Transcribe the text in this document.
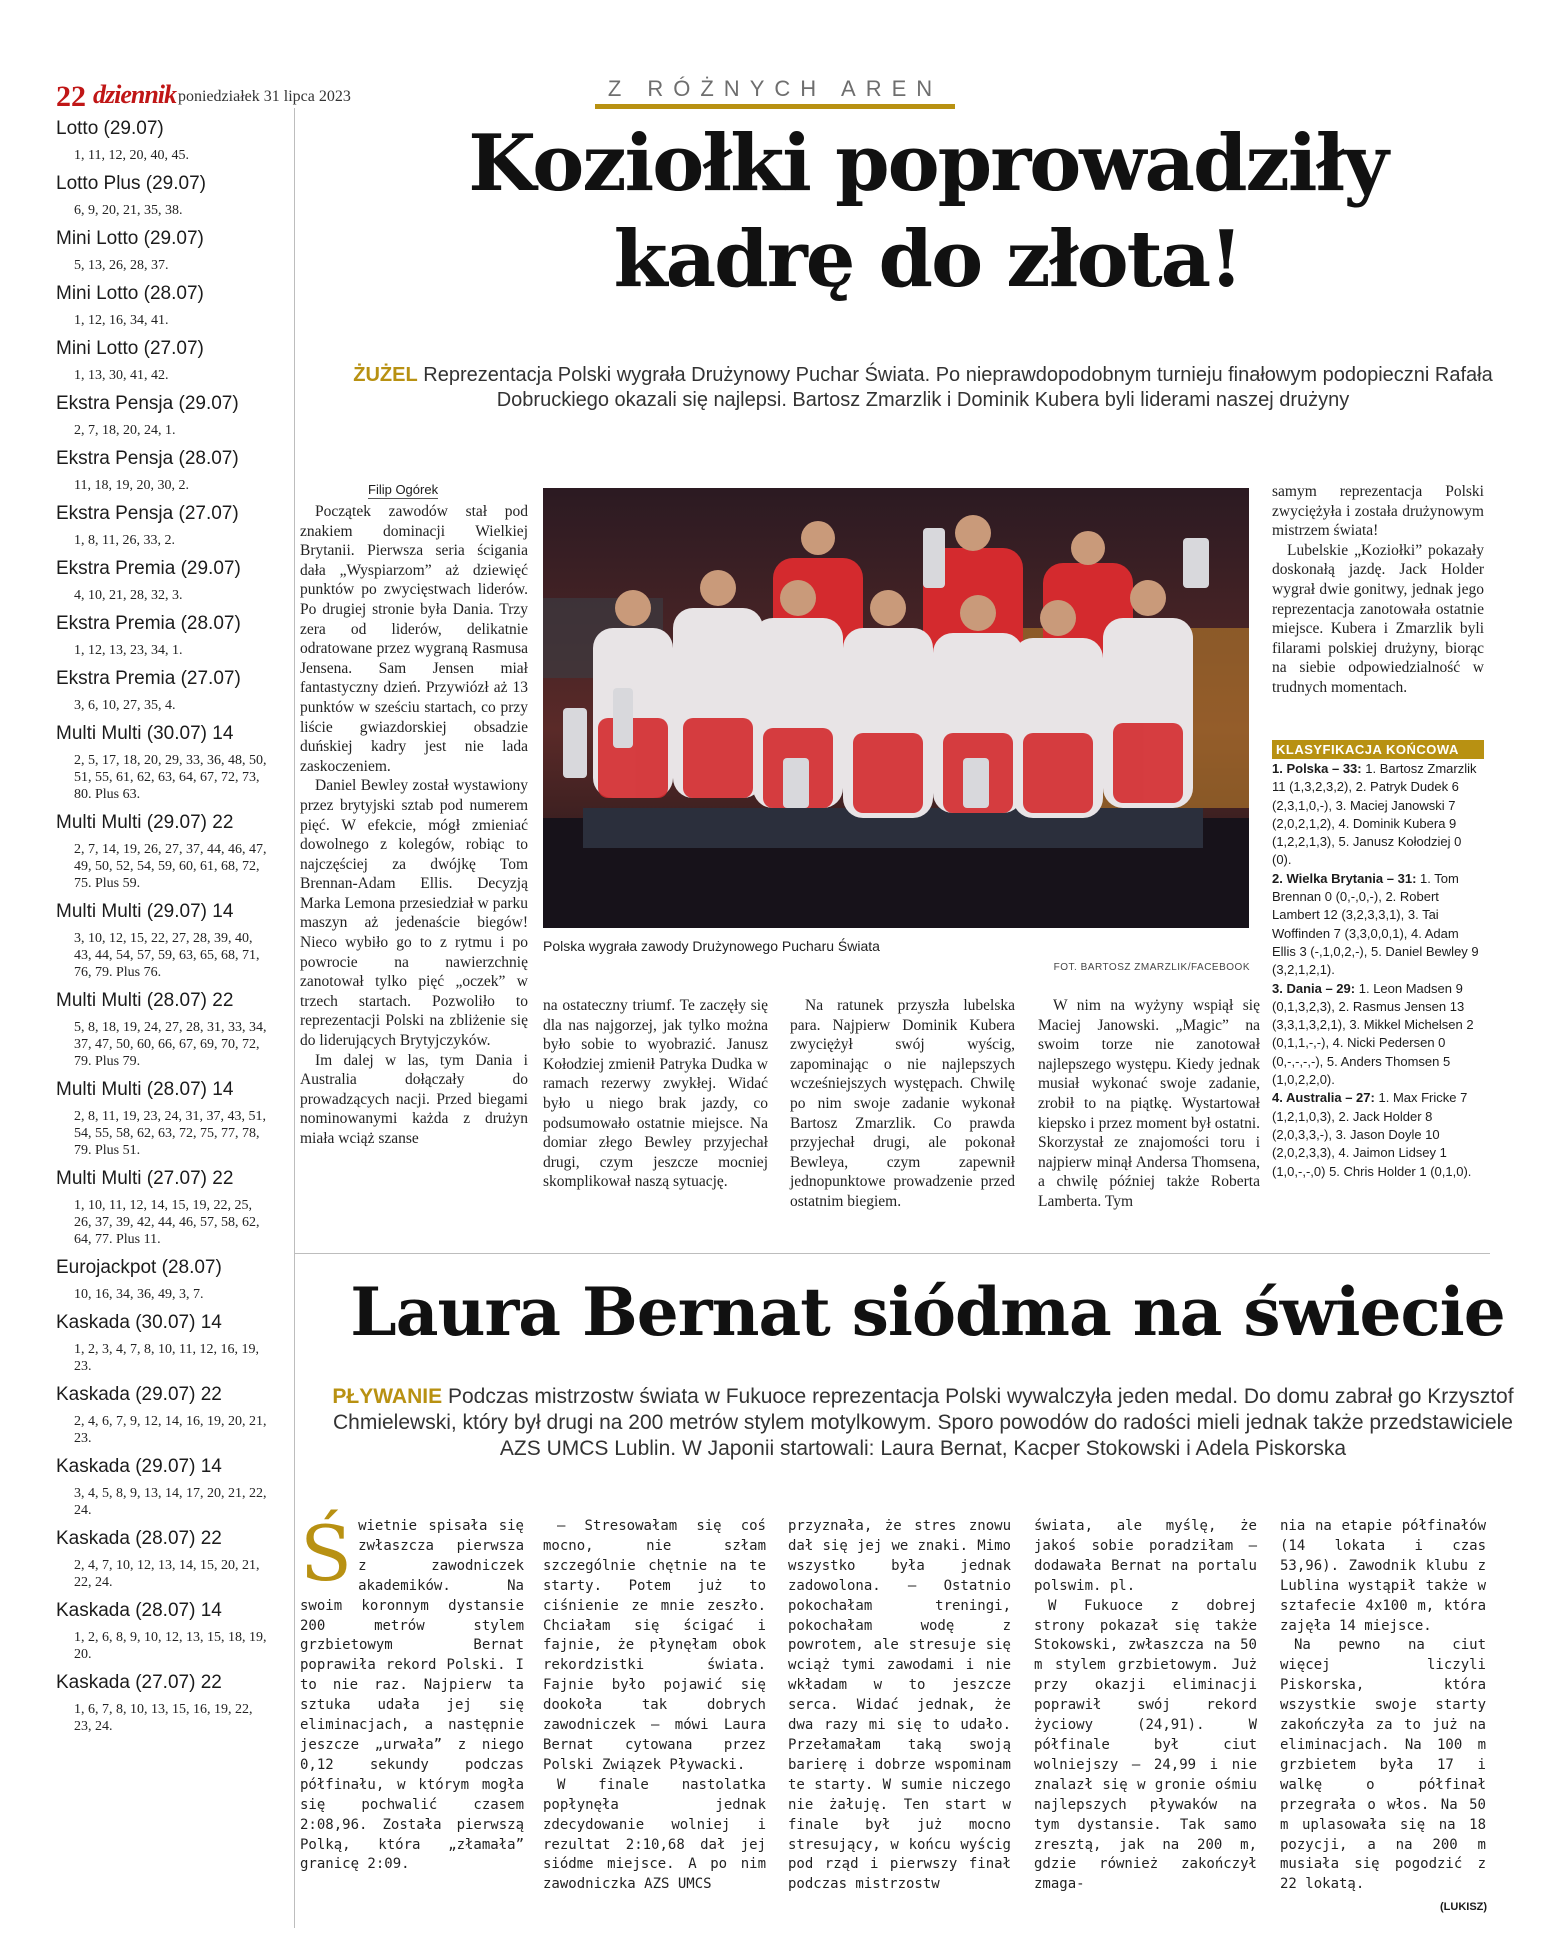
22 dziennik poniedziałek 31 lipca 2023	Z RÓŻNYCH AREN
Lotto (29.07)
1, 11, 12, 20, 40, 45.
Lotto Plus (29.07)
6, 9, 20, 21, 35, 38.
Mini Lotto (29.07)
5, 13, 26, 28, 37.
Mini Lotto (28.07)
1, 12, 16, 34, 41.
Mini Lotto (27.07)
1, 13, 30, 41, 42.
Ekstra Pensja (29.07)
2, 7, 18, 20, 24, 1.
Ekstra Pensja (28.07)
11, 18, 19, 20, 30, 2.
Ekstra Pensja (27.07)
1, 8, 11, 26, 33, 2.
Ekstra Premia (29.07)
4, 10, 21, 28, 32, 3.
Ekstra Premia (28.07)
1, 12, 13, 23, 34, 1.
Ekstra Premia (27.07)
3, 6, 10, 27, 35, 4.
Multi Multi (30.07) 14
2, 5, 17, 18, 20, 29, 33, 36, 48, 50, 51, 55, 61, 62, 63, 64, 67, 72, 73, 80. Plus 63.
Multi Multi (29.07) 22
2, 7, 14, 19, 26, 27, 37, 44, 46, 47, 49, 50, 52, 54, 59, 60, 61, 68, 72, 75. Plus 59.
Multi Multi (29.07) 14
3, 10, 12, 15, 22, 27, 28, 39, 40, 43, 44, 54, 57, 59, 63, 65, 68, 71, 76, 79. Plus 76.
Multi Multi (28.07) 22
5, 8, 18, 19, 24, 27, 28, 31, 33, 34, 37, 47, 50, 60, 66, 67, 69, 70, 72, 79. Plus 79.
Multi Multi (28.07) 14
2, 8, 11, 19, 23, 24, 31, 37, 43, 51, 54, 55, 58, 62, 63, 72, 75, 77, 78, 79. Plus 51.
Multi Multi (27.07) 22
1, 10, 11, 12, 14, 15, 19, 22, 25, 26, 37, 39, 42, 44, 46, 57, 58, 62, 64, 77. Plus 11.
Eurojackpot (28.07)
10, 16, 34, 36, 49, 3, 7.
Kaskada (30.07) 14
1, 2, 3, 4, 7, 8, 10, 11, 12, 16, 19, 23.
Kaskada (29.07) 22
2, 4, 6, 7, 9, 12, 14, 16, 19, 20, 21, 23.
Kaskada (29.07) 14
3, 4, 5, 8, 9, 13, 14, 17, 20, 21, 22, 24.
Kaskada (28.07) 22
2, 4, 7, 10, 12, 13, 14, 15, 20, 21, 22, 24.
Kaskada (28.07) 14
1, 2, 6, 8, 9, 10, 12, 13, 15, 18, 19, 20.
Kaskada (27.07) 22
1, 6, 7, 8, 10, 13, 15, 16, 19, 22, 23, 24.
Koziołki poprowadziły
kadrę do złota!
ŻUŻEL Reprezentacja Polski wygrała Drużynowy Puchar Świata. Po nieprawdopodobnym turnieju finałowym podopieczni Rafała Dobruckiego okazali się najlepsi. Bartosz Zmarzlik i Dominik Kubera byli liderami naszej drużyny
Filip Ogórek

Początek zawodów stał pod znakiem dominacji Wielkiej Brytanii. Pierwsza seria ścigania dała „Wyspiarzom” aż dziewięć punktów po zwycięstwach liderów. Po drugiej stronie była Dania. Trzy zera od liderów, delikatnie odratowane przez wygraną Rasmusa Jensena. Sam Jensen miał fantastyczny dzień. Przywiózł aż 13 punktów w sześciu startach, co przy liście gwiazdorskiej obsadzie duńskiej kadry jest nie lada zaskoczeniem.

Daniel Bewley został wystawiony przez brytyjski sztab pod numerem pięć. W efekcie, mógł zmieniać dowolnego z kolegów, robiąc to najczęściej za dwójkę Tom Brennan-Adam Ellis. Decyzją Marka Lemona przesiedział w parku maszyn aż jedenaście biegów! Nieco wybiło go to z rytmu i po powrocie na nawierzchnię zanotował tylko pięć „oczek” w trzech startach. Pozwoliło to reprezentacji Polski na zbliżenie się do liderujących Brytyjczyków.

Im dalej w las, tym Dania i Australia dołączały do prowadzących nacji. Przed biegami nominowanymi każda z drużyn miała wciąż szanse

Polska wygrała zawody Drużynowego Pucharu Świata
FOT. BARTOSZ ZMARZLIK/FACEBOOK

na ostateczny triumf. Te zaczęły się dla nas najgorzej, jak tylko można było sobie to wyobrazić. Janusz Kołodziej zmienił Patryka Dudka w ramach rezerwy zwykłej. Widać było u niego brak jazdy, co podsumowało ostatnie miejsce. Na domiar złego Bewley przyjechał drugi, czym jeszcze mocniej skomplikował naszą sytuację.

Na ratunek przyszła lubelska para. Najpierw Dominik Kubera zwyciężył swój wyścig, zapominając o nie najlepszych wcześniejszych występach. Chwilę po nim swoje zadanie wykonał Bartosz Zmarzlik. Co prawda przyjechał drugi, ale pokonał Bewleya, czym zapewnił jednopunktowe prowadzenie przed ostatnim biegiem.

W nim na wyżyny wspiął się Maciej Janowski. „Magic” na swoim torze nie zanotował najlepszego występu. Kiedy jednak musiał wykonać swoje zadanie, zrobił to na piątkę. Wystartował kiepsko i przez moment był ostatni. Skorzystał ze znajomości toru i najpierw minął Andersa Thomsena, a chwilę później także Roberta Lamberta. Tym

samym reprezentacja Polski zwyciężyła i została drużynowym mistrzem świata!

Lubelskie „Koziołki” pokazały doskonałą jazdę. Jack Holder wygrał dwie gonitwy, jednak jego reprezentacja zanotowała ostatnie miejsce. Kubera i Zmarzlik byli filarami polskiej drużyny, biorąc na siebie odpowiedzialność w trudnych momentach.

KLASYFIKACJA KOŃCOWA
1. Polska – 33: 1. Bartosz Zmarzlik 11 (1,3,2,3,2), 2. Patryk Dudek 6 (2,3,1,0,-), 3. Maciej Janowski 7 (2,0,2,1,2), 4. Dominik Kubera 9 (1,2,2,1,3), 5. Janusz Kołodziej 0 (0).
2. Wielka Brytania – 31: 1. Tom Brennan 0 (0,-,0,-), 2. Robert Lambert 12 (3,2,3,3,1), 3. Tai Woffinden 7 (3,3,0,0,1), 4. Adam Ellis 3 (-,1,0,2,-), 5. Daniel Bewley 9 (3,2,1,2,1).
3. Dania – 29: 1. Leon Madsen 9 (0,1,3,2,3), 2. Rasmus Jensen 13 (3,3,1,3,2,1), 3. Mikkel Michelsen 2 (0,1,1,-,-), 4. Nicki Pedersen 0 (0,-,-,-,-), 5. Anders Thomsen 5 (1,0,2,2,0).
4. Australia – 27: 1. Max Fricke 7 (1,2,1,0,3), 2. Jack Holder 8 (2,0,3,3,-), 3. Jason Doyle 10 (2,0,2,3,3), 4. Jaimon Lidsey 1 (1,0,-,-,0) 5. Chris Holder 1 (0,1,0).
Laura Bernat siódma na świecie
PŁYWANIE Podczas mistrzostw świata w Fukuoce reprezentacja Polski wywalczyła jeden medal. Do domu zabrał go Krzysztof Chmielewski, który był drugi na 200 metrów stylem motylkowym. Sporo powodów do radości mieli jednak także przedstawiciele AZS UMCS Lublin. W Japonii startowali: Laura Bernat, Kacper Stokowski i Adela Piskorska
Świetnie spisała się zwłaszcza pierwsza z zawodniczek akademików. Na swoim koronnym dystansie 200 metrów stylem grzbietowym Bernat poprawiła rekord Polski. I to nie raz. Najpierw ta sztuka udała jej się eliminacjach, a następnie jeszcze „urwała” z niego 0,12 sekundy podczas półfinału, w którym mogła się pochwalić czasem 2:08,96. Została pierwszą Polką, która „złamała” granicę 2:09.

– Stresowałam się coś mocno, nie szłam szczególnie chętnie na te starty. Potem już to ciśnienie ze mnie zeszło. Chciałam się ścigać i fajnie, że płynęłam obok rekordzistki świata. Fajnie było pojawić się dookoła tak dobrych zawodniczek – mówi Laura Bernat cytowana przez Polski Związek Pływacki.

W finale nastolatka popłynęła jednak zdecydowanie wolniej i rezultat 2:10,68 dał jej siódme miejsce. A po nim zawodniczka AZS UMCS

przyznała, że stres znowu dał się jej we znaki. Mimo wszystko była jednak zadowolona. – Ostatnio pokochałam treningi, pokochałam wodę z powrotem, ale stresuje się wciąż tymi zawodami i nie wkładam w to jeszcze serca. Widać jednak, że dwa razy mi się to udało. Przełamałam taką swoją barierę i dobrze wspominam te starty. W sumie niczego nie żałuję. Ten start w finale był już mocno stresujący, w końcu wyścig pod rząd i pierwszy finał podczas mistrzostw

świata, ale myślę, że jakoś sobie poradziłam – dodawała Bernat na portalu polswim. pl.

W Fukuoce z dobrej strony pokazał się także Stokowski, zwłaszcza na 50 m stylem grzbietowym. Już przy okazji eliminacji poprawił swój rekord życiowy (24,91). W półfinale był ciut wolniejszy – 24,99 i nie znalazł się w gronie ośmiu najlepszych pływaków na tym dystansie. Tak samo zresztą, jak na 200 m, gdzie również zakończył zmaga-

nia na etapie półfinałów (14 lokata i czas 53,96). Zawodnik klubu z Lublina wystąpił także w sztafecie 4x100 m, która zajęła 14 miejsce.

Na pewno na ciut więcej liczyli Piskorska, która wszystkie swoje starty zakończyła za to już na eliminacjach. Na 100 m grzbietem była 17 i walkę o półfinał przegrała o włos. Na 50 m uplasowała się na 18 pozycji, a na 200 m musiała się pogodzić z 22 lokatą.

(LUKISZ)
